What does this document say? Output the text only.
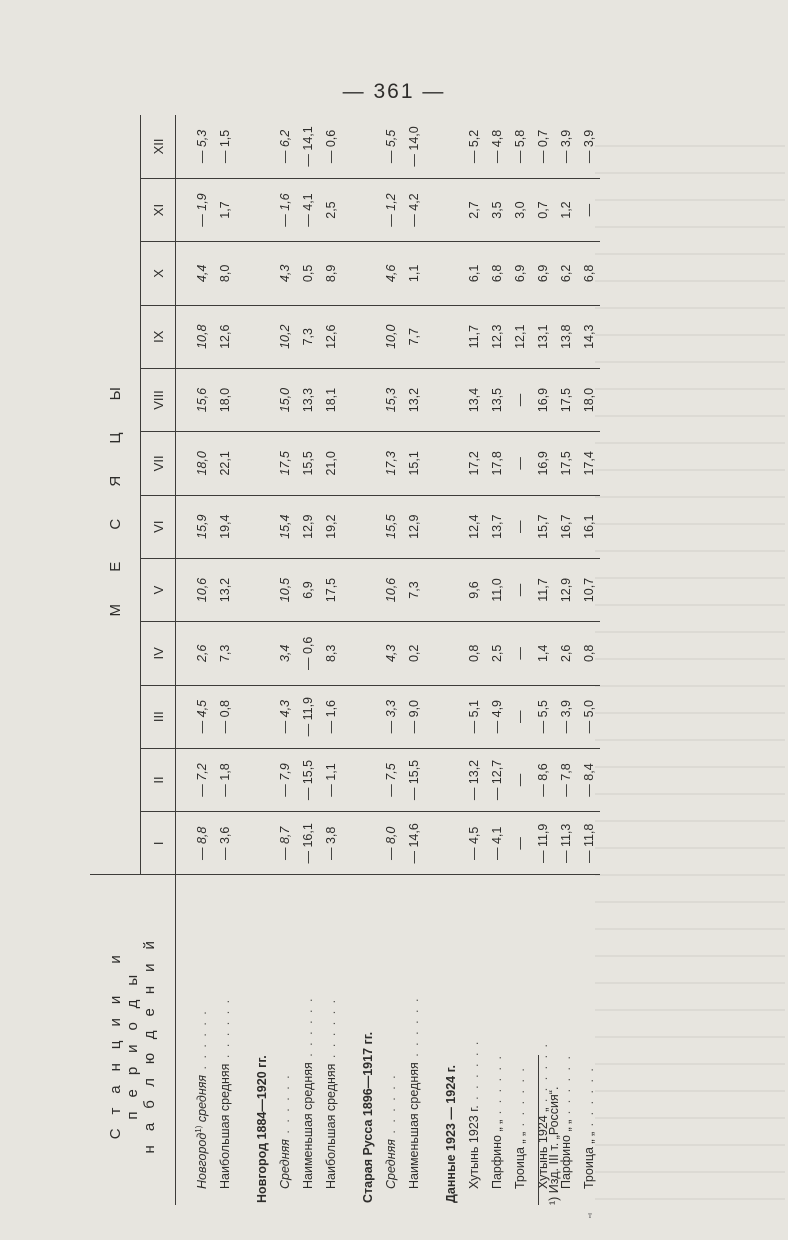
— 361 —
Станции и периоды наблюдений	М Е С Я Ц Ы											
	I	II	III	IV	V	VI	VII	VIII	IX	X	XI	XII
Новгород$^{1)}$ средняя . . . . . .	— 8,8	— 7,2	— 4,5	2,6	10,6	15,9	18,0	15,6	10,8	4,4	— 1,9	— 5,3
Наибольшая средняя . . . . . .	— 3,6	— 1,8	— 0,8	7,3	13,2	19,4	22,1	18,0	12,6	8,0	1,7	— 1,5
Новгород 1884—1920 гг.												
Средняя . . . . . .	— 8,7	— 7,9	— 4,3	3,4	10,5	15,4	17,5	15,0	10,2	4,3	— 1,6	— 6,2
Наименьшая средняя . . . . . .	— 16,1	— 15,5	— 11,9	— 0,6	6,9	12,9	15,5	13,3	7,3	0,5	— 4,1	— 14,1
Наибольшая средняя . . . . . .	— 3,8	— 1,1	— 1,6	8,3	17,5	19,2	21,0	18,1	12,6	8,9	2,5	— 0,6
Старая Русса 1896—1917 гг.												
Средняя . . . . . .	— 8,0	— 7,5	— 3,3	4,3	10,6	15,5	17,3	15,3	10,0	4,6	— 1,2	— 5,5
Наименьшая средняя . . . . . .	— 14,6	— 15,5	— 9,0	0,2	7,3	12,9	15,1	13,2	7,7	1,1	— 4,2	— 14,0
Данные 1923 — 1924 г.												
Хутынь 1923 г. . . . . . .	— 4,5	— 13,2	— 5,1	0,8	9,6	12,4	17,2	13,4	11,7	6,1	2,7	— 5,2
Парфино „ „ . . . . . .	— 4,1	— 12,7	— 4,9	2,5	11,0	13,7	17,8	13,5	12,3	6,8	3,5	— 4,8
Троица „ „ . . . . . .	—	—	—	—	—	—	—	—	12,1	6,9	3,0	— 5,8
Хутынь 1924 „ . . . . . .	— 11,9	— 8,6	— 5,5	1,4	11,7	15,7	16,9	16,9	13,1	6,9	0,7	— 0,7
Парфино „ „ . . . . . .	— 11,3	— 7,8	— 3,9	2,6	12,9	16,7	17,5	17,5	13,8	6,2	1,2	— 3,9
Троица „ „ . . . . . .	— 11,8	— 8,4	— 5,0	0,8	10,7	16,1	17,4	18,0	14,3	6,8	—	— 3,9
¹) Изд. III т. „Россия“.
т
